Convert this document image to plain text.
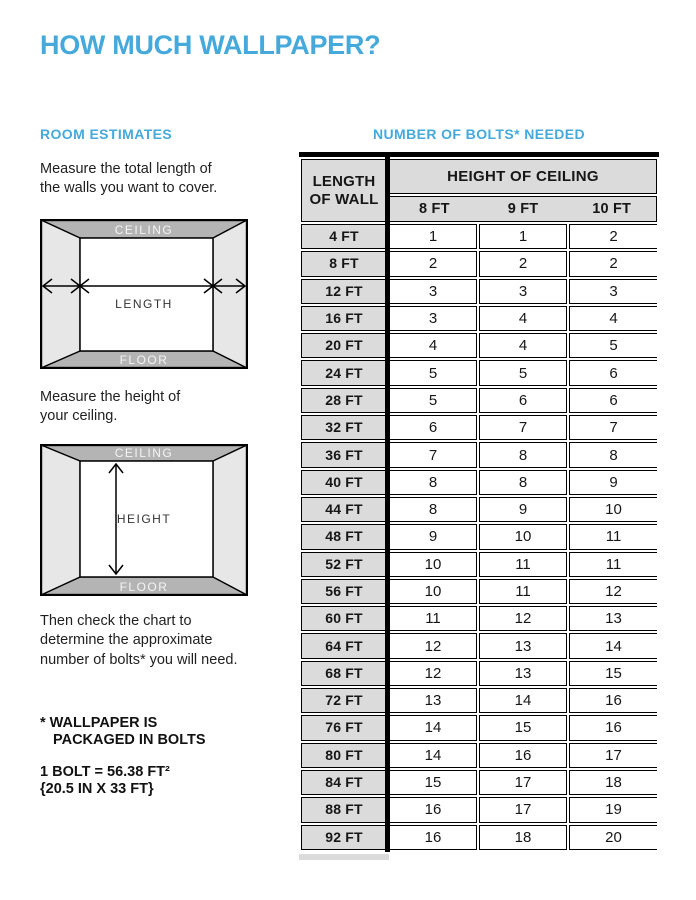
HOW MUCH WALLPAPER?
ROOM ESTIMATES
Measure the total length of
the walls you want to cover.
CEILING
LENGTH
FLOOR
Measure the height of
your ceiling.
CEILING
HEIGHT
FLOOR
Then check the chart to
determine the approximate
number of bolts* you will need.
* WALLPAPER IS
PACKAGED IN BOLTS
1 BOLT = 56.38 FT²
{20.5 IN X 33 FT}
NUMBER OF BOLTS* NEEDED
LENGTH
OF WALL	HEIGHT OF CEILING		

	8 FT 9 FT 10 FT		

4 FT	1	1	2
8 FT	2	2	2
12 FT	3	3	3
16 FT	3	4	4
20 FT	4	4	5
24 FT	5	5	6
28 FT	5	6	6
32 FT	6	7	7
36 FT	7	8	8
40 FT	8	8	9
44 FT	8	9	10
48 FT	9	10	11
52 FT	10	11	11
56 FT	10	11	12
60 FT	11	12	13
64 FT	12	13	14
68 FT	12	13	15
72 FT	13	14	16
76 FT	14	15	16
80 FT	14	16	17
84 FT	15	17	18
88 FT	16	17	19
92 FT	16	18	20
